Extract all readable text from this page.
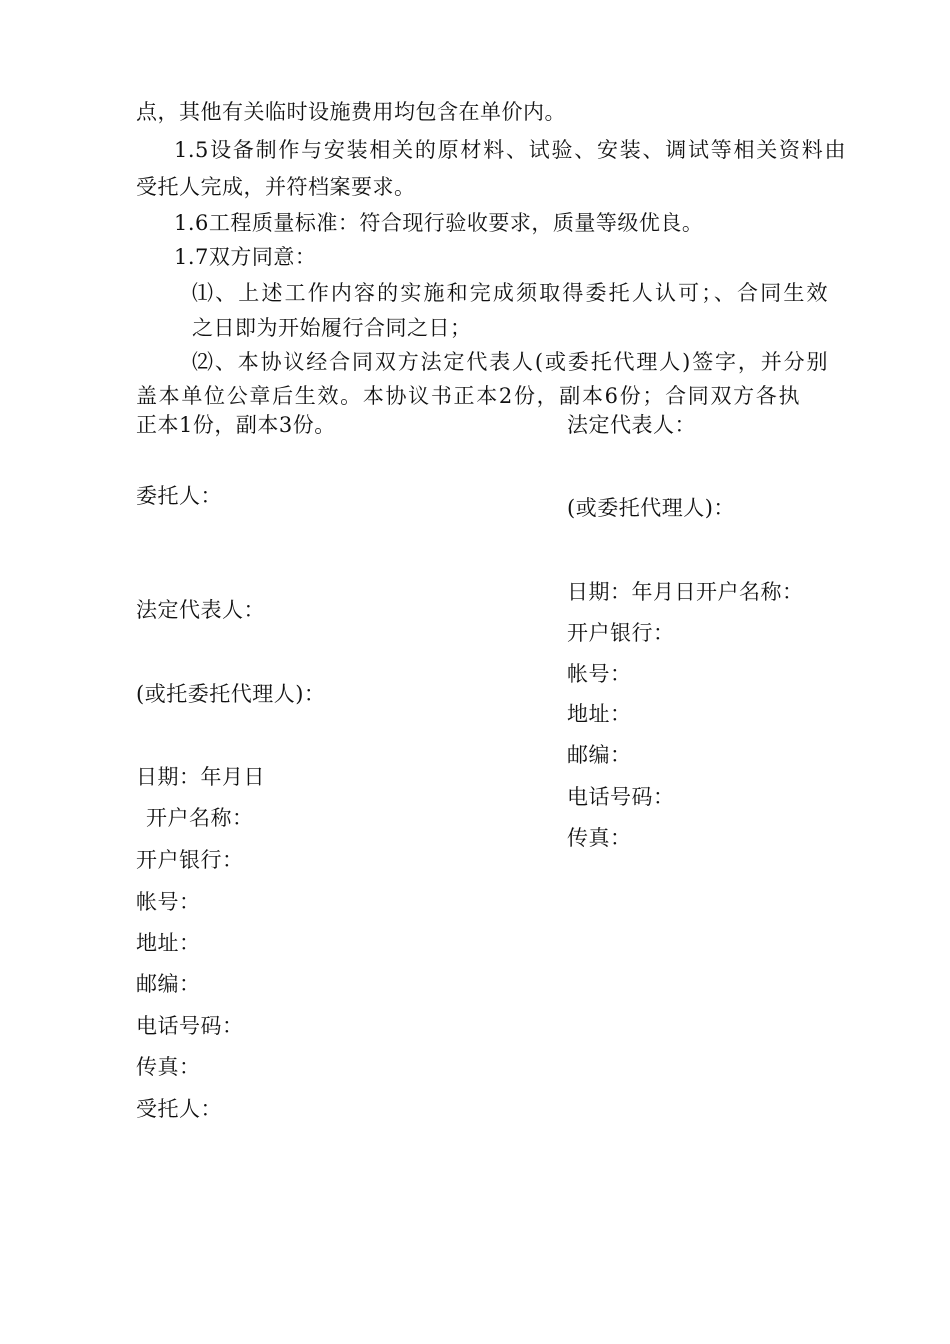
点，其他有关临时设施费用均包含在单价内。
1.5设备制作与安装相关的原材料、试验、安装、调试等相关资料由
受托人完成，并符档案要求。
1.6工程质量标准：符合现行验收要求，质量等级优良。
1.7双方同意：
⑴、上述工作内容的实施和完成须取得委托人认可；、合同生效
之日即为开始履行合同之日；
⑵、本协议经合同双方法定代表人(或委托代理人)签字，并分别
盖本单位公章后生效。本协议书正本2份，副本6份；合同双方各执
正本1份，副本3份。
委托人：
法定代表人：
(或托委托代理人)：
日期：年月日
开户名称：
开户银行：
帐号：
地址：
邮编：
电话号码：
传真：
受托人：
法定代表人：
(或委托代理人)：
日期：年月日开户名称：
开户银行：
帐号：
地址：
邮编：
电话号码：
传真：
